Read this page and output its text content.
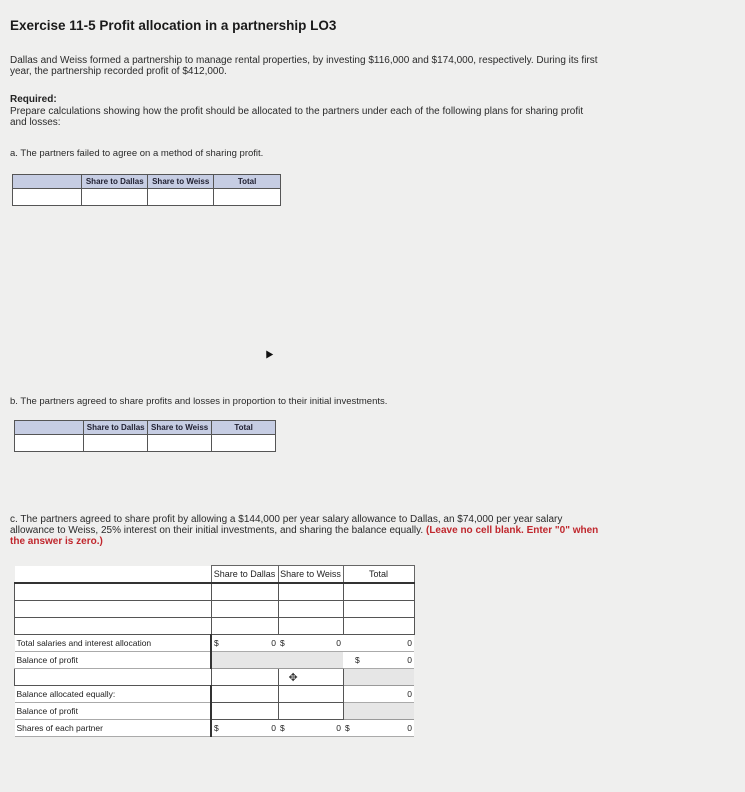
Exercise 11-5 Profit allocation in a partnership LO3
Dallas and Weiss formed a partnership to manage rental properties, by investing $116,000 and $174,000, respectively. During its first
year, the partnership recorded profit of $412,000.
Required:
Prepare calculations showing how the profit should be allocated to the partners under each of the following plans for sharing profit
and losses:
a. The partners failed to agree on a method of sharing profit.
	Share to Dallas	Share to Weiss	Total

b. The partners agreed to share profits and losses in proportion to their initial investments.
	Share to Dallas	Share to Weiss	Total

c. The partners agreed to share profit by allowing a $144,000 per year salary allowance to Dallas, an $74,000 per year salary
allowance to Weiss, 25% interest on their initial investments, and sharing the balance equally. (Leave no cell blank. Enter "0" when
the answer is zero.)
	Share to Dallas	Share to Weiss	Total

Total salaries and interest allocation	$ 0	$ 0	0
Balance of profit			$ 0
		✥	
Balance allocated equally:			0
Balance of profit			
Shares of each partner	$ 0	$ 0	$ 0
